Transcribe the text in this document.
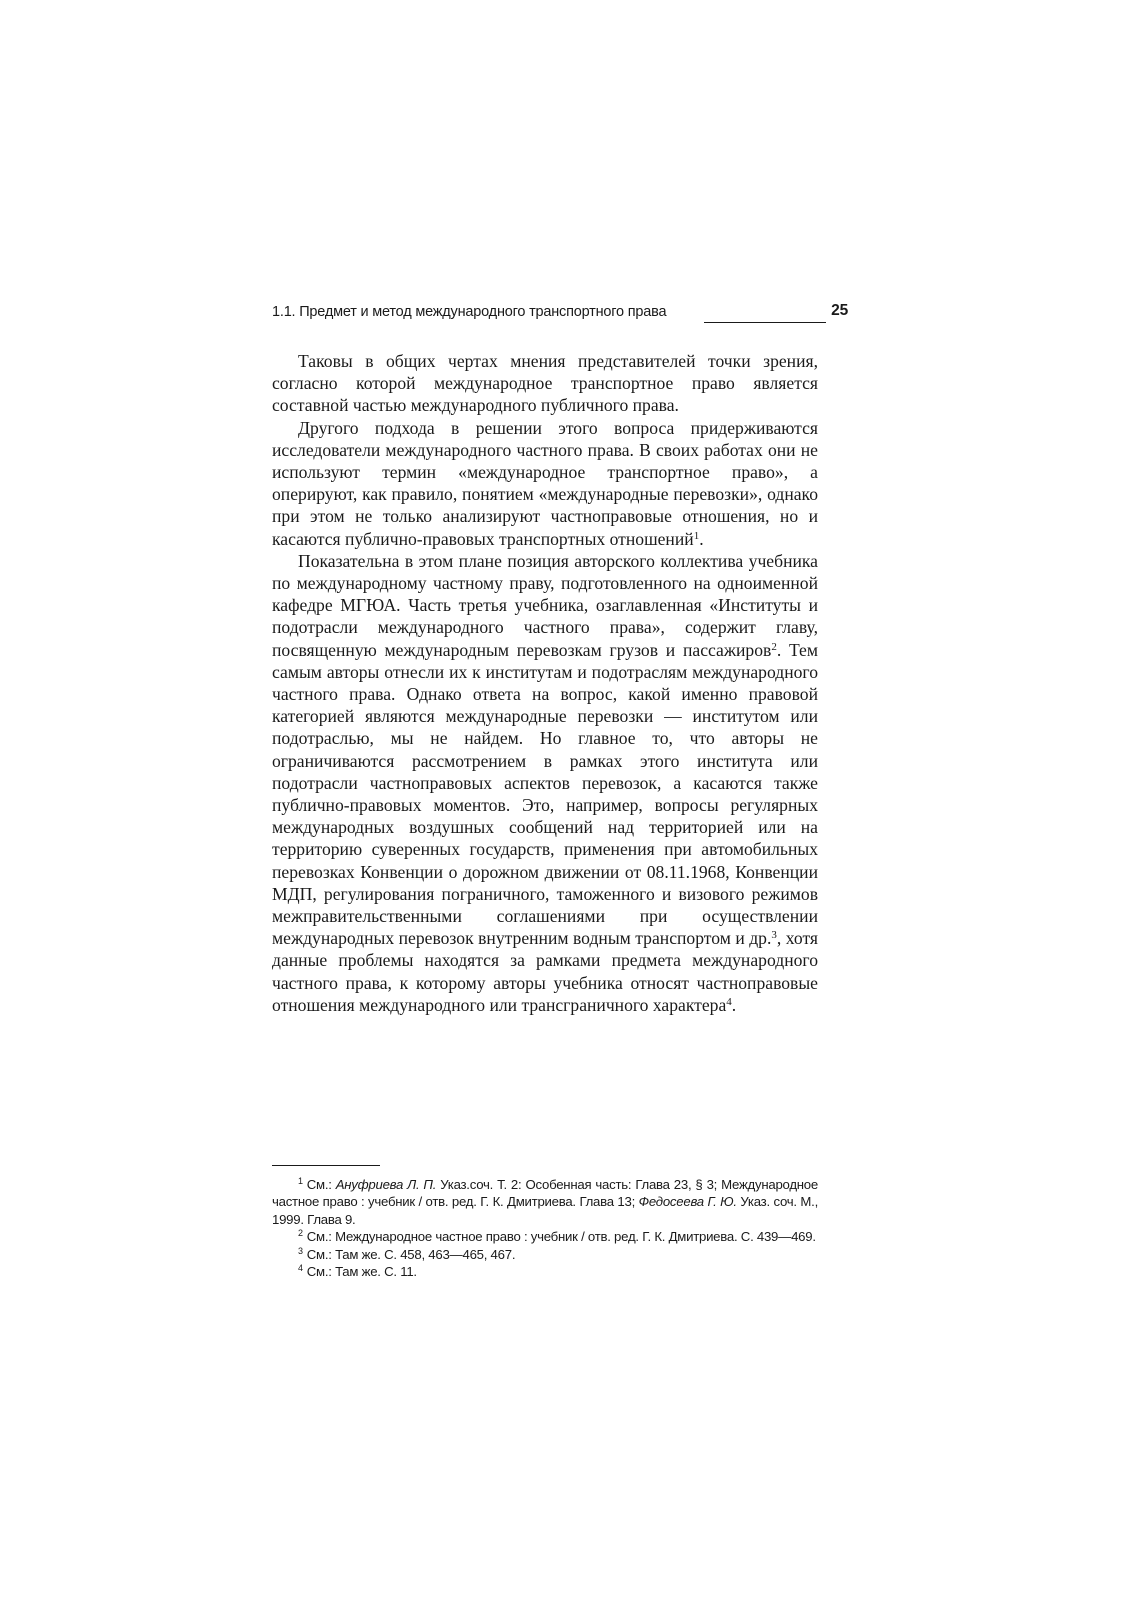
1.1. Предмет и метод международного транспортного права	25

Таковы в общих чертах мнения представителей точки зрения, согласно которой международное транспортное право является составной частью международного публичного права.

Другого подхода в решении этого вопроса придерживаются исследователи международного частного права. В своих работах они не используют термин «международное транспортное право», а оперируют, как правило, понятием «международные перевозки», однако при этом не только анализируют частноправовые отношения, но и касаются публично-правовых транспортных отношений$^1$.

Показательна в этом плане позиция авторского коллектива учебника по международному частному праву, подготовленного на одноименной кафедре МГЮА. Часть третья учебника, озаглавленная «Институты и подотрасли международного частного права», содержит главу, посвященную международным перевозкам грузов и пассажиров$^2$. Тем самым авторы отнесли их к институтам и подотраслям международного частного права. Однако ответа на вопрос, какой именно правовой категорией являются международные перевозки — институтом или подотраслью, мы не найдем. Но главное то, что авторы не ограничиваются рассмотрением в рамках этого института или подотрасли частноправовых аспектов перевозок, а касаются также публично-правовых моментов. Это, например, вопросы регулярных международных воздушных сообщений над территорией или на территорию суверенных государств, применения при автомобильных перевозках Конвенции о дорожном движении от 08.11.1968, Конвенции МДП, регулирования пограничного, таможенного и визового режимов межправительственными соглашениями при осуществлении международных перевозок внутренним водным транспортом и др.$^3$, хотя данные проблемы находятся за рамками предмета международного частного права, к которому авторы учебника относят частноправовые отношения международного или трансграничного характера$^4$.

$^1$ См.: Ануфриева Л. П. Указ.соч. Т. 2: Особенная часть: Глава 23, § 3; Международное частное право : учебник / отв. ред. Г. К. Дмитриева. Глава 13; Федосеева Г. Ю. Указ. соч. М., 1999. Глава 9.

$^2$ См.: Международное частное право : учебник / отв. ред. Г. К. Дмитриева. С. 439—469.

$^3$ См.: Там же. С. 458, 463—465, 467.

$^4$ См.: Там же. С. 11.
